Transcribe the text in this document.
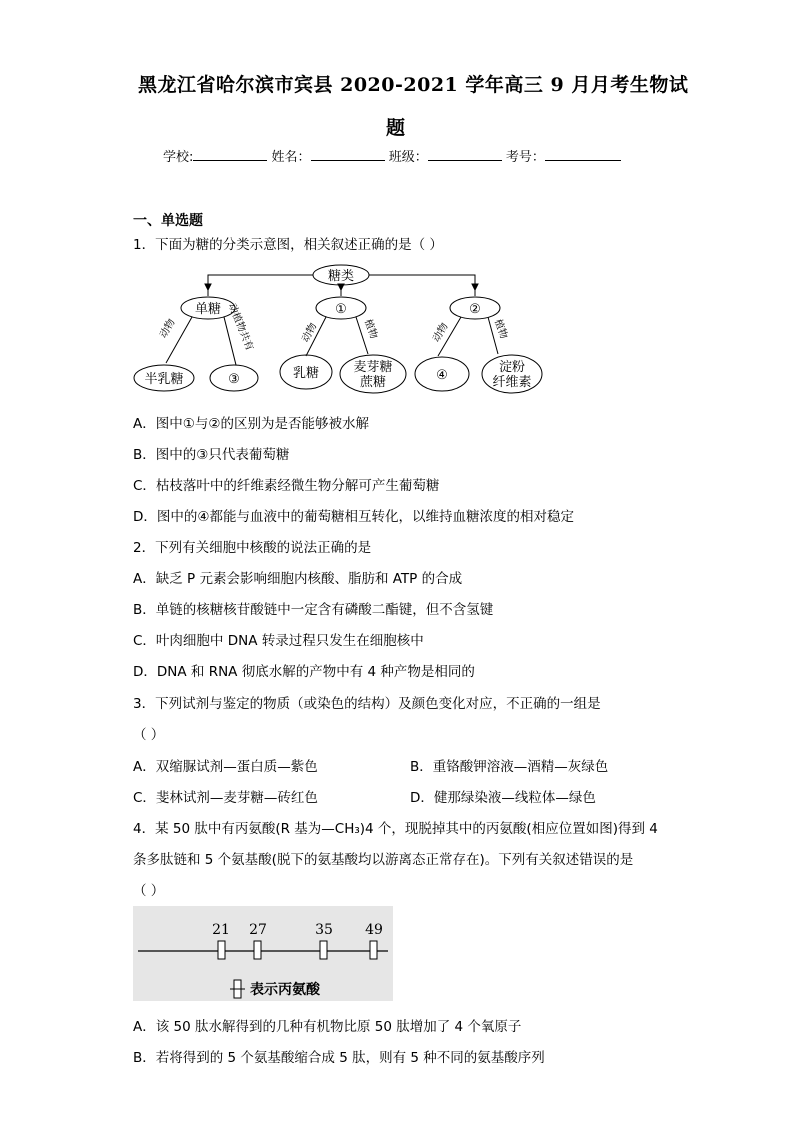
黑龙江省哈尔滨市宾县 2020-2021 学年高三 9 月月考生物试
题
学校:	姓名：	班级：	考号：
一、单选题
1．下面为糖的分类示意图，相关叙述正确的是（ ）
糖类
单糖	①	②
半乳糖	③	乳糖	麦芽糖
蔗糖	④
淀粉
纤维素
动物	动植物共有	动物	植物	动物	植物
A．图中①与②的区别为是否能够被水解
B．图中的③只代表葡萄糖
C．枯枝落叶中的纤维素经微生物分解可产生葡萄糖
D．图中的④都能与血液中的葡萄糖相互转化，以维持血糖浓度的相对稳定
2．下列有关细胞中核酸的说法正确的是
A．缺乏 P 元素会影响细胞内核酸、脂肪和 ATP 的合成
B．单链的核糖核苷酸链中一定含有磷酸二酯键，但不含氢键
C．叶肉细胞中 DNA 转录过程只发生在细胞核中
D．DNA 和 RNA 彻底水解的产物中有 4 种产物是相同的
3．下列试剂与鉴定的物质（或染色的结构）及颜色变化对应，不正确的一组是
（ ）
A．双缩脲试剂—蛋白质—紫色	B．重铬酸钾溶液—酒精—灰绿色
C．斐林试剂—麦芽糖—砖红色	D．健那绿染液—线粒体—绿色
4．某 50 肽中有丙氨酸(R 基为—CH₃)4 个，现脱掉其中的丙氨酸(相应位置如图)得到 4
条多肽链和 5 个氨基酸(脱下的氨基酸均以游离态正常存在)。下列有关叙述错误的是
（ ）
21 27	35 49
表示丙氨酸
A．该 50 肽水解得到的几种有机物比原 50 肽增加了 4 个氧原子
B．若将得到的 5 个氨基酸缩合成 5 肽，则有 5 种不同的氨基酸序列
